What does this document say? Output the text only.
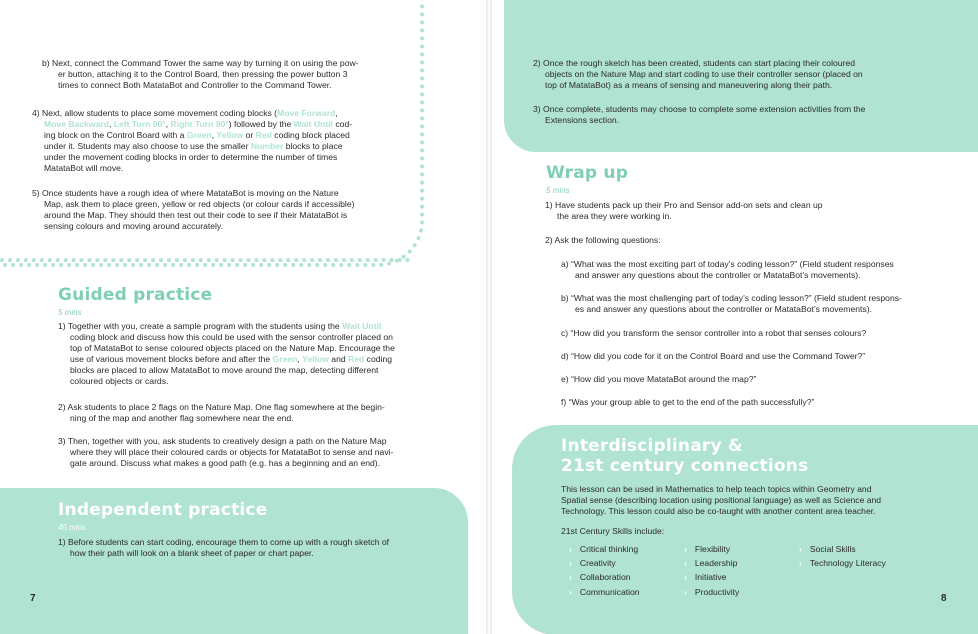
b) Next, connect the Command Tower the same way by turning it on using the pow-

er button, attaching it to the Control Board, then pressing the power button 3

times to connect Both MatataBot and Controller to the Command Tower.

4) Next, allow students to place some movement coding blocks (Move Forward,

Move Backward, Left Turn 90°, Right Turn 90°) followed by the Wait Until cod-

ing block on the Control Board with a Green, Yellow or Red coding block placed

under it. Students may also choose to use the smaller Number blocks to place

under the movement coding blocks in order to determine the number of times

MatataBot will move.

5) Once students have a rough idea of where MatataBot is moving on the Nature

Map, ask them to place green, yellow or red objects (or colour cards if accessible)

around the Map. They should then test out their code to see if their MatataBot is

sensing colours and moving around accurately.

Guided practice
5 mins

1) Together with you, create a sample program with the students using the Wait Until

coding block and discuss how this could be used with the sensor controller placed on

top of MatataBot to sense coloured objects placed on the Nature Map. Encourage the

use of various movement blocks before and after the Green, Yellow and Red coding

blocks are placed to allow MatataBot to move around the map, detecting different

coloured objects or cards.

2) Ask students to place 2 flags on the Nature Map. One flag somewhere at the begin-

ning of the map and another flag somewhere near the end.

3) Then, together with you, ask students to creatively design a path on the Nature Map

where they will place their coloured cards or objects for MatataBot to sense and navi-

gate around. Discuss what makes a good path (e.g. has a beginning and an end).

Independent practice
45 mins

1) Before students can start coding, encourage them to come up with a rough sketch of

how their path will look on a blank sheet of paper or chart paper.

7

2) Once the rough sketch has been created, students can start placing their coloured

objects on the Nature Map and start coding to use their controller sensor (placed on

top of MatataBot) as a means of sensing and maneuvering along their path.

3) Once complete, students may choose to complete some extension activities from the

Extensions section.

Wrap up
5 mins

1) Have students pack up their Pro and Sensor add-on sets and clean up

the area they were working in.

2) Ask the following questions:

a) “What was the most exciting part of today’s coding lesson?” (Field student responses

and answer any questions about the controller or MatataBot’s movements).

b) “What was the most challenging part of today’s coding lesson?” (Field student respons-

es and answer any questions about the controller or MatataBot’s movements).

c) “How did you transform the sensor controller into a robot that senses colours?

d) “How did you code for it on the Control Board and use the Command Tower?”

e) “How did you move MatataBot around the map?”

f) “Was your group able to get to the end of the path successfully?”

Interdisciplinary &
21st century connections

This lesson can be used in Mathematics to help teach topics within Geometry and

Spatial sense (describing location using positional language) as well as Science and

Technology. This lesson could also be co-taught with another content area teacher.

21st Century Skills include:

› Critical thinking
› Creativity
› Collaboration
› Communication
› Flexibility
› Leadership
› Initiative
› Productivity
› Social Skills
› Technology Literacy
8
